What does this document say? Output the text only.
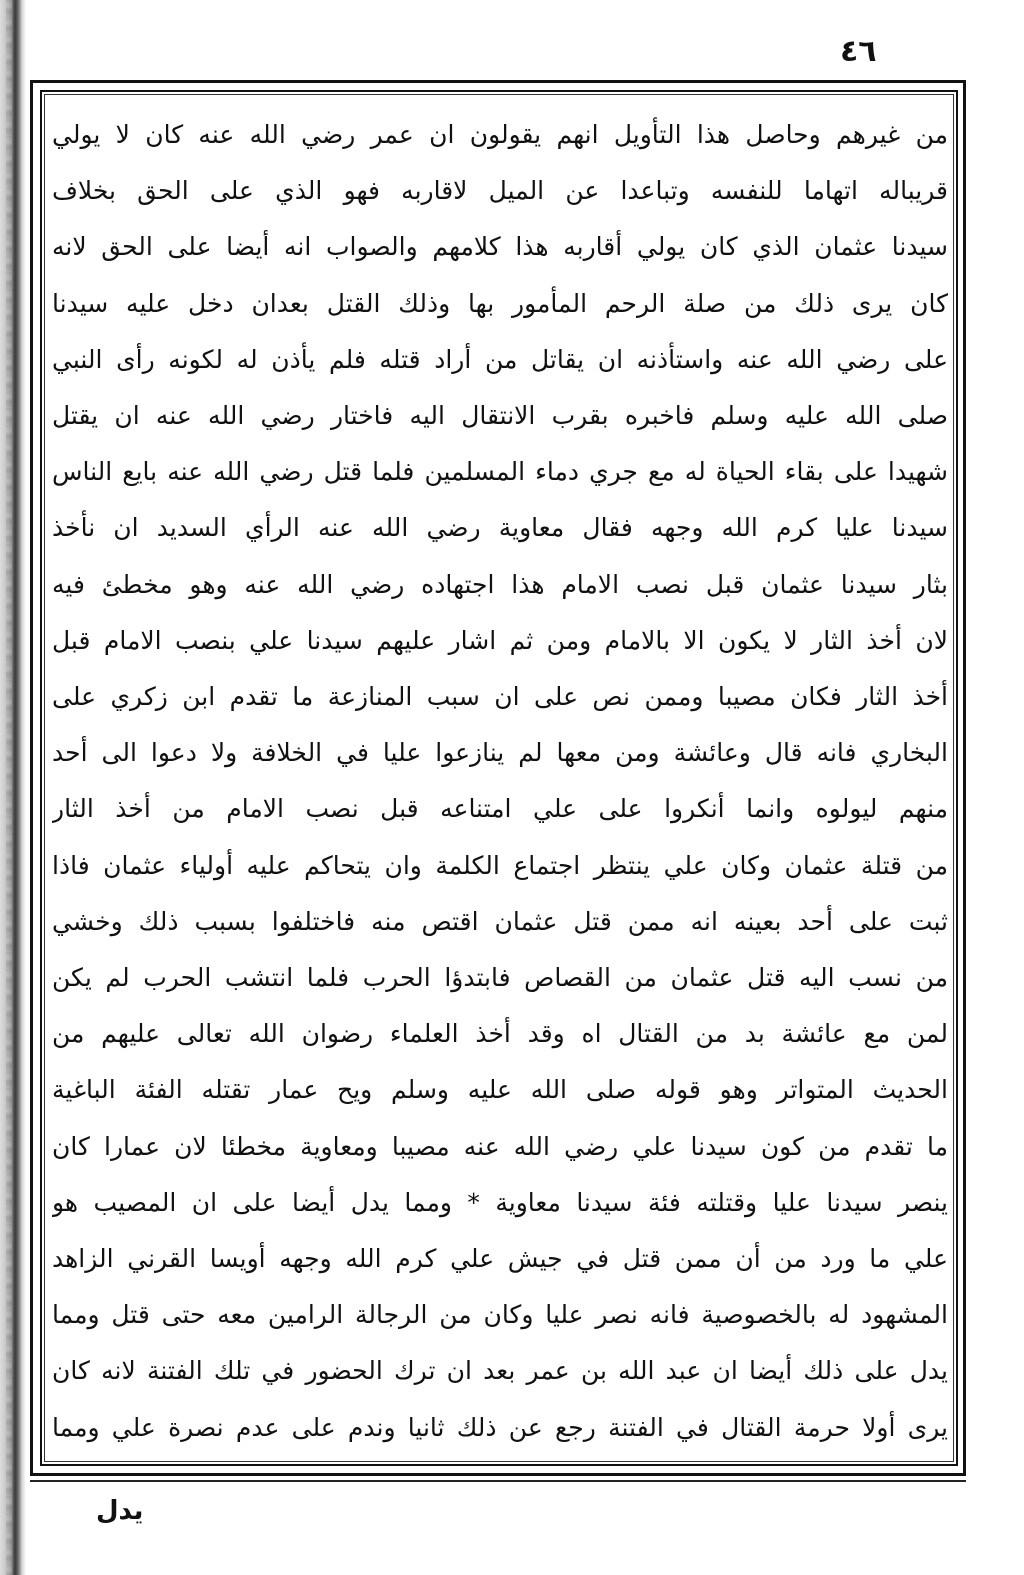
٤٦
من غيرهم وحاصل هذا التأويل انهم يقولون ان عمر رضي الله عنه كان لا يولي
قريباله اتهاما للنفسه وتباعدا عن الميل لاقاربه فهو الذي على الحق بخلاف
سيدنا عثمان الذي كان يولي أقاربه هذا كلامهم والصواب انه أيضا على الحق لانه
كان يرى ذلك من صلة الرحم المأمور بها وذلك القتل بعدان دخل عليه سيدنا
على رضي الله عنه واستأذنه ان يقاتل من أراد قتله فلم يأذن له لكونه رأى النبي
صلى الله عليه وسلم فاخبره بقرب الانتقال اليه فاختار رضي الله عنه ان يقتل
شهيدا على بقاء الحياة له مع جري دماء المسلمين فلما قتل رضي الله عنه بايع الناس
سيدنا عليا كرم الله وجهه فقال معاوية رضي الله عنه الرأي السديد ان نأخذ
بثار سيدنا عثمان قبل نصب الامام هذا اجتهاده رضي الله عنه وهو مخطئ فيه
لان أخذ الثار لا يكون الا بالامام ومن ثم اشار عليهم سيدنا علي بنصب الامام قبل
أخذ الثار فكان مصيبا وممن نص على ان سبب المنازعة ما تقدم ابن زكري على
البخاري فانه قال وعائشة ومن معها لم ينازعوا عليا في الخلافة ولا دعوا الى أحد
منهم ليولوه وانما أنكروا على علي امتناعه قبل نصب الامام من أخذ الثار
من قتلة عثمان وكان علي ينتظر اجتماع الكلمة وان يتحاكم عليه أولياء عثمان فاذا
ثبت على أحد بعينه انه ممن قتل عثمان اقتص منه فاختلفوا بسبب ذلك وخشي
من نسب اليه قتل عثمان من القصاص فابتدؤا الحرب فلما انتشب الحرب لم يكن
لمن مع عائشة بد من القتال اه وقد أخذ العلماء رضوان الله تعالى عليهم من
الحديث المتواتر وهو قوله صلى الله عليه وسلم ويح عمار تقتله الفئة الباغية
ما تقدم من كون سيدنا علي رضي الله عنه مصيبا ومعاوية مخطئا لان عمارا كان
ينصر سيدنا عليا وقتلته فئة سيدنا معاوية * ومما يدل أيضا على ان المصيب هو
علي ما ورد من أن ممن قتل في جيش علي كرم الله وجهه أويسا القرني الزاهد
المشهود له بالخصوصية فانه نصر عليا وكان من الرجالة الرامين معه حتى قتل ومما
يدل على ذلك أيضا ان عبد الله بن عمر بعد ان ترك الحضور في تلك الفتنة لانه كان
يرى أولا حرمة القتال في الفتنة رجع عن ذلك ثانيا وندم على عدم نصرة علي ومما
يدل
